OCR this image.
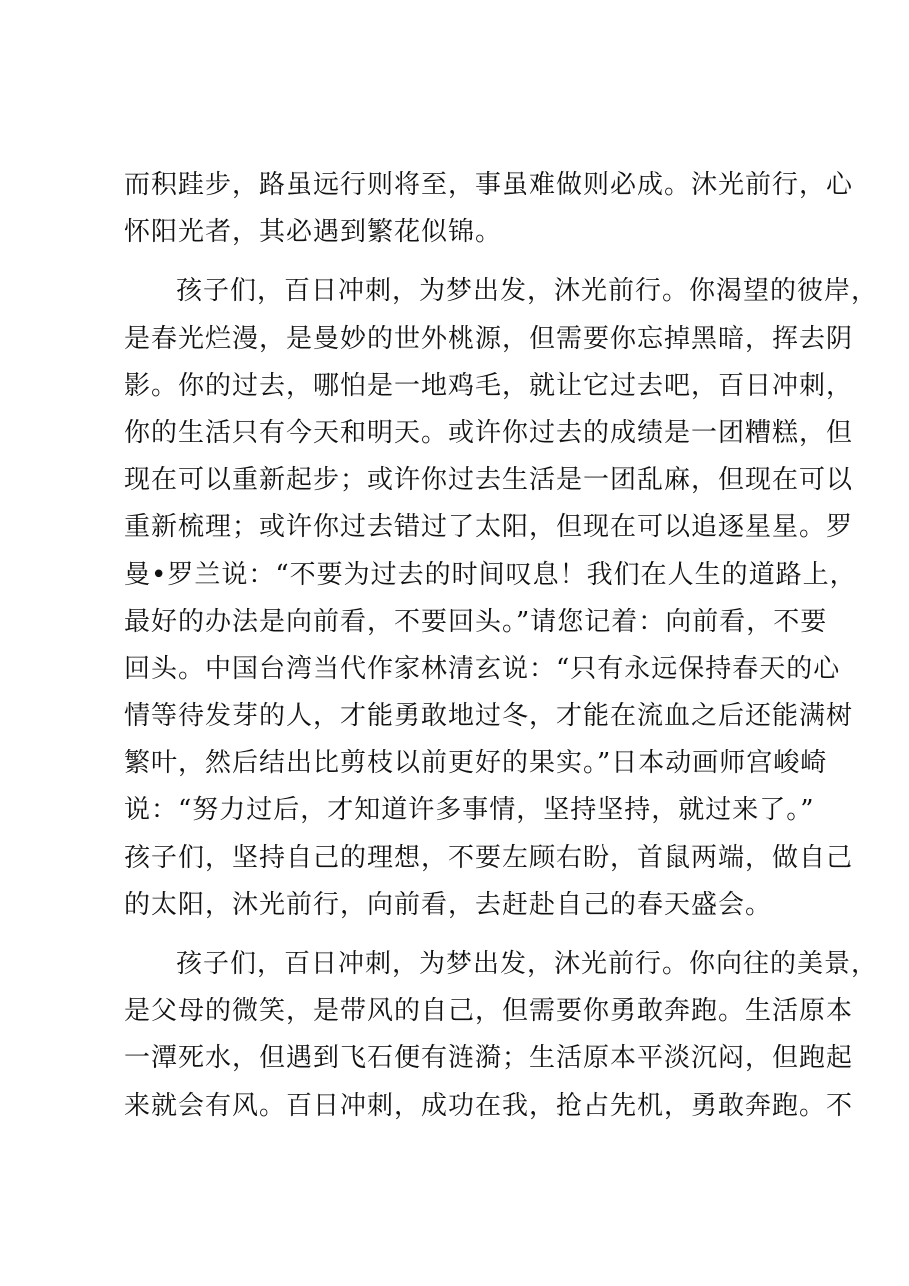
而积跬步，路虽远行则将至，事虽难做则必成。沐光前行，心
怀阳光者，其必遇到繁花似锦。
孩子们，百日冲刺，为梦出发，沐光前行。你渴望的彼岸，
是春光烂漫，是曼妙的世外桃源，但需要你忘掉黑暗，挥去阴
影。你的过去，哪怕是一地鸡毛，就让它过去吧，百日冲刺，
你的生活只有今天和明天。或许你过去的成绩是一团糟糕，但
现在可以重新起步；或许你过去生活是一团乱麻，但现在可以
重新梳理；或许你过去错过了太阳，但现在可以追逐星星。罗
曼•罗兰说：“不要为过去的时间叹息！我们在人生的道路上，
最好的办法是向前看，不要回头。”请您记着：向前看，不要
回头。中国台湾当代作家林清玄说：“只有永远保持春天的心
情等待发芽的人，才能勇敢地过冬，才能在流血之后还能满树
繁叶，然后结出比剪枝以前更好的果实。”日本动画师宫峻崎
说：“努力过后，才知道许多事情，坚持坚持，就过来了。”
孩子们，坚持自己的理想，不要左顾右盼，首鼠两端，做自己
的太阳，沐光前行，向前看，去赶赴自己的春天盛会。
孩子们，百日冲刺，为梦出发，沐光前行。你向往的美景，
是父母的微笑，是带风的自己，但需要你勇敢奔跑。生活原本
一潭死水，但遇到飞石便有涟漪；生活原本平淡沉闷，但跑起
来就会有风。百日冲刺，成功在我，抢占先机，勇敢奔跑。不
